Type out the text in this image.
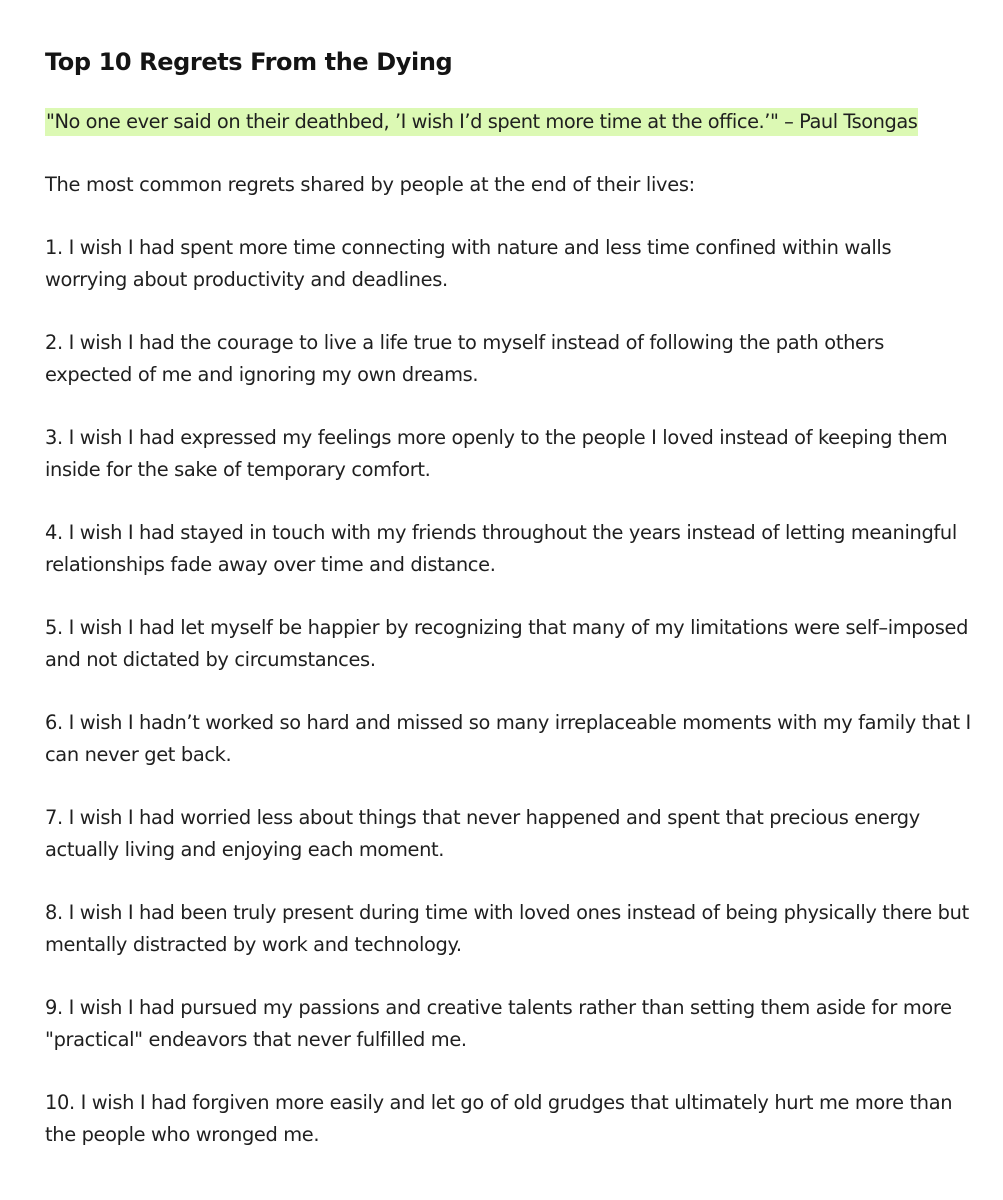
Top 10 Regrets From the Dying

"No one ever said on their deathbed, ’I wish I’d spent more time at the office.’" – Paul Tsongas

The most common regrets shared by people at the end of their lives:

1. I wish I had spent more time connecting with nature and less time confined within walls worrying about productivity and deadlines.
2. I wish I had the courage to live a life true to myself instead of following the path others expected of me and ignoring my own dreams.
3. I wish I had expressed my feelings more openly to the people I loved instead of keeping them inside for the sake of temporary comfort.
4. I wish I had stayed in touch with my friends throughout the years instead of letting meaningful relationships fade away over time and distance.
5. I wish I had let myself be happier by recognizing that many of my limitations were self–imposed and not dictated by circumstances.
6. I wish I hadn’t worked so hard and missed so many irreplaceable moments with my family that I can never get back.
7. I wish I had worried less about things that never happened and spent that precious energy actually living and enjoying each moment.
8. I wish I had been truly present during time with loved ones instead of being physically there but mentally distracted by work and technology.
9. I wish I had pursued my passions and creative talents rather than setting them aside for more "practical" endeavors that never fulfilled me.
10. I wish I had forgiven more easily and let go of old grudges that ultimately hurt me more than the people who wronged me.
